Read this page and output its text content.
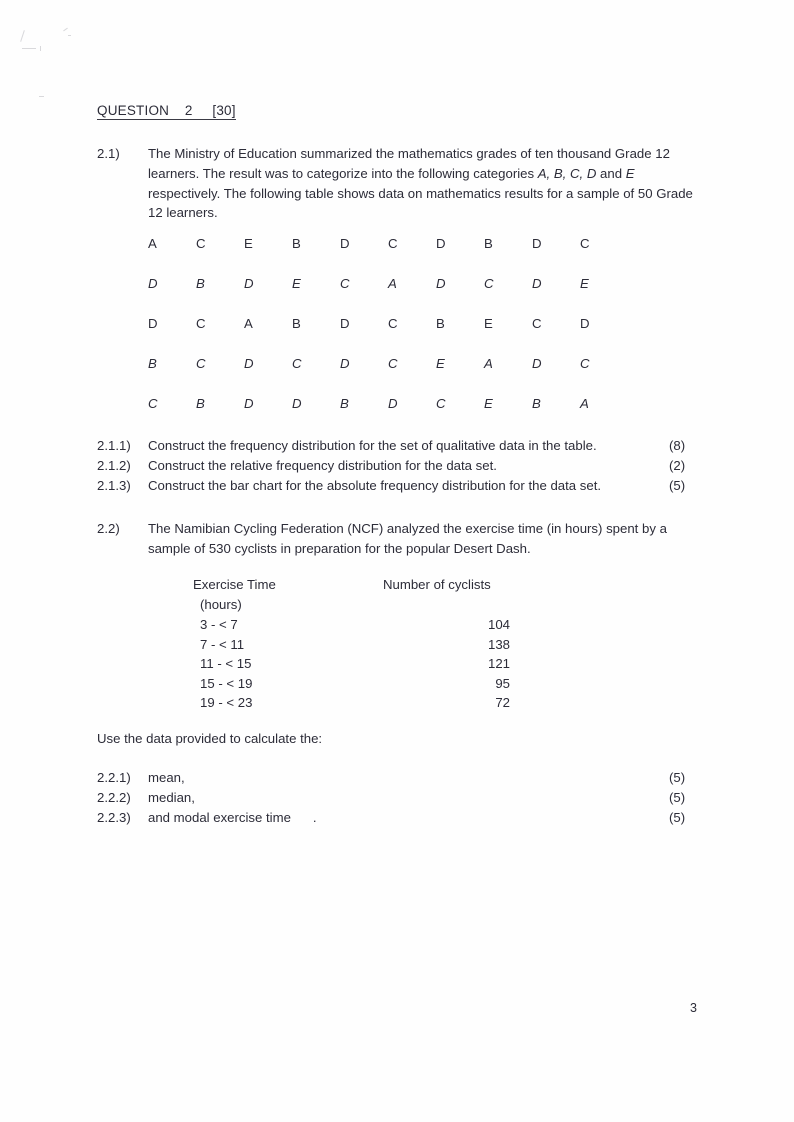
QUESTION    2     [30]
2.1)	The Ministry of Education summarized the mathematics grades of ten thousand Grade 12 learners. The result was to categorize into the following categories A, B, C, D and E respectively. The following table shows data on mathematics results for a sample of 50 Grade 12 learners.
A	C	E	B	D	C	D	B	D	C
D	B	D	E	C	A	D	C	D	E
D	C	A	B	D	C	B	E	C	D
B	C	D	C	D	C	E	A	D	C
C	B	D	D	B	D	C	E	B	A
2.1.1)	Construct the frequency distribution for the set of qualitative data in the table.	(8)
2.1.2)	Construct the relative frequency distribution for the data set.	(2)
2.1.3)	Construct the bar chart for the absolute frequency distribution for the data set.	(5)
2.2)	The Namibian Cycling Federation (NCF) analyzed the exercise time (in hours) spent by a sample of 530 cyclists in preparation for the popular Desert Dash.
Exercise Time	Number of cyclists
(hours)
3 - < 7	104
7 - < 11	138
11 - < 15	121
15 - < 19	95
19 - < 23	72
Use the data provided to calculate the:
2.2.1)	mean,	(5)
2.2.2)	median,	(5)
2.2.3)	and modal exercise time      .	(5)
3
